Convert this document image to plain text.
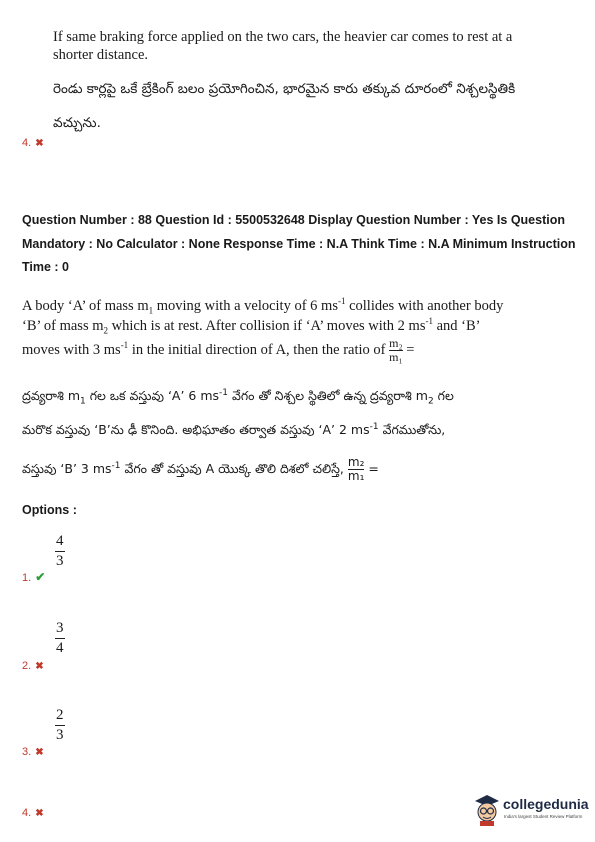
If same braking force applied on the two cars, the heavier car comes to rest at a
shorter distance.
రెండు కార్లపై ఒకే బ్రేకింగ్ బలం ప్రయోగించిన, భారమైన కారు తక్కువ దూరంలో నిశ్చలస్థితికి
వచ్చును.
4. ✖
Question Number : 88 Question Id : 5500532648 Display Question Number : Yes Is Question
Mandatory : No Calculator : None Response Time : N.A Think Time : N.A Minimum Instruction
Time : 0
A body ‘A’ of mass $m_1$ moving with a velocity of 6 $ms^{-1}$ collides with another body
‘B’ of mass $m_2$ which is at rest. After collision if ‘A’ moves with 2 $ms^{-1}$ and ‘B’
moves with 3 $ms^{-1}$ in the initial direction of A, then the ratio of $\frac{\text{m₂}}{\text{m₁}}$ =
ద్రవ్యరాశి $m_1$ గల ఒక వస్తువు ‘A’ 6 $ms^{-1}$ వేగం తో నిశ్చల స్థితిలో ఉన్న ద్రవ్యరాశి $m_2$ గల
మరొక వస్తువు ‘B’ను ఢీ కొనింది. అభిఘాతం తర్వాత వస్తువు ‘A’ 2 $ms^{-1}$ వేగముతోను,
వస్తువు ‘B’ 3 $ms^{-1}$ వేగం తో వస్తువు A యొక్క తొలి దిశలో చలిస్తే, $\frac{\text{m₂}}{\text{m₁}}$ =
Options :
$\frac{4}{3}$
1. ✔
$\frac{3}{4}$
2. ✖
$\frac{2}{3}$
3. ✖
4. ✖
collegedunia
India's largest Student Review Platform
